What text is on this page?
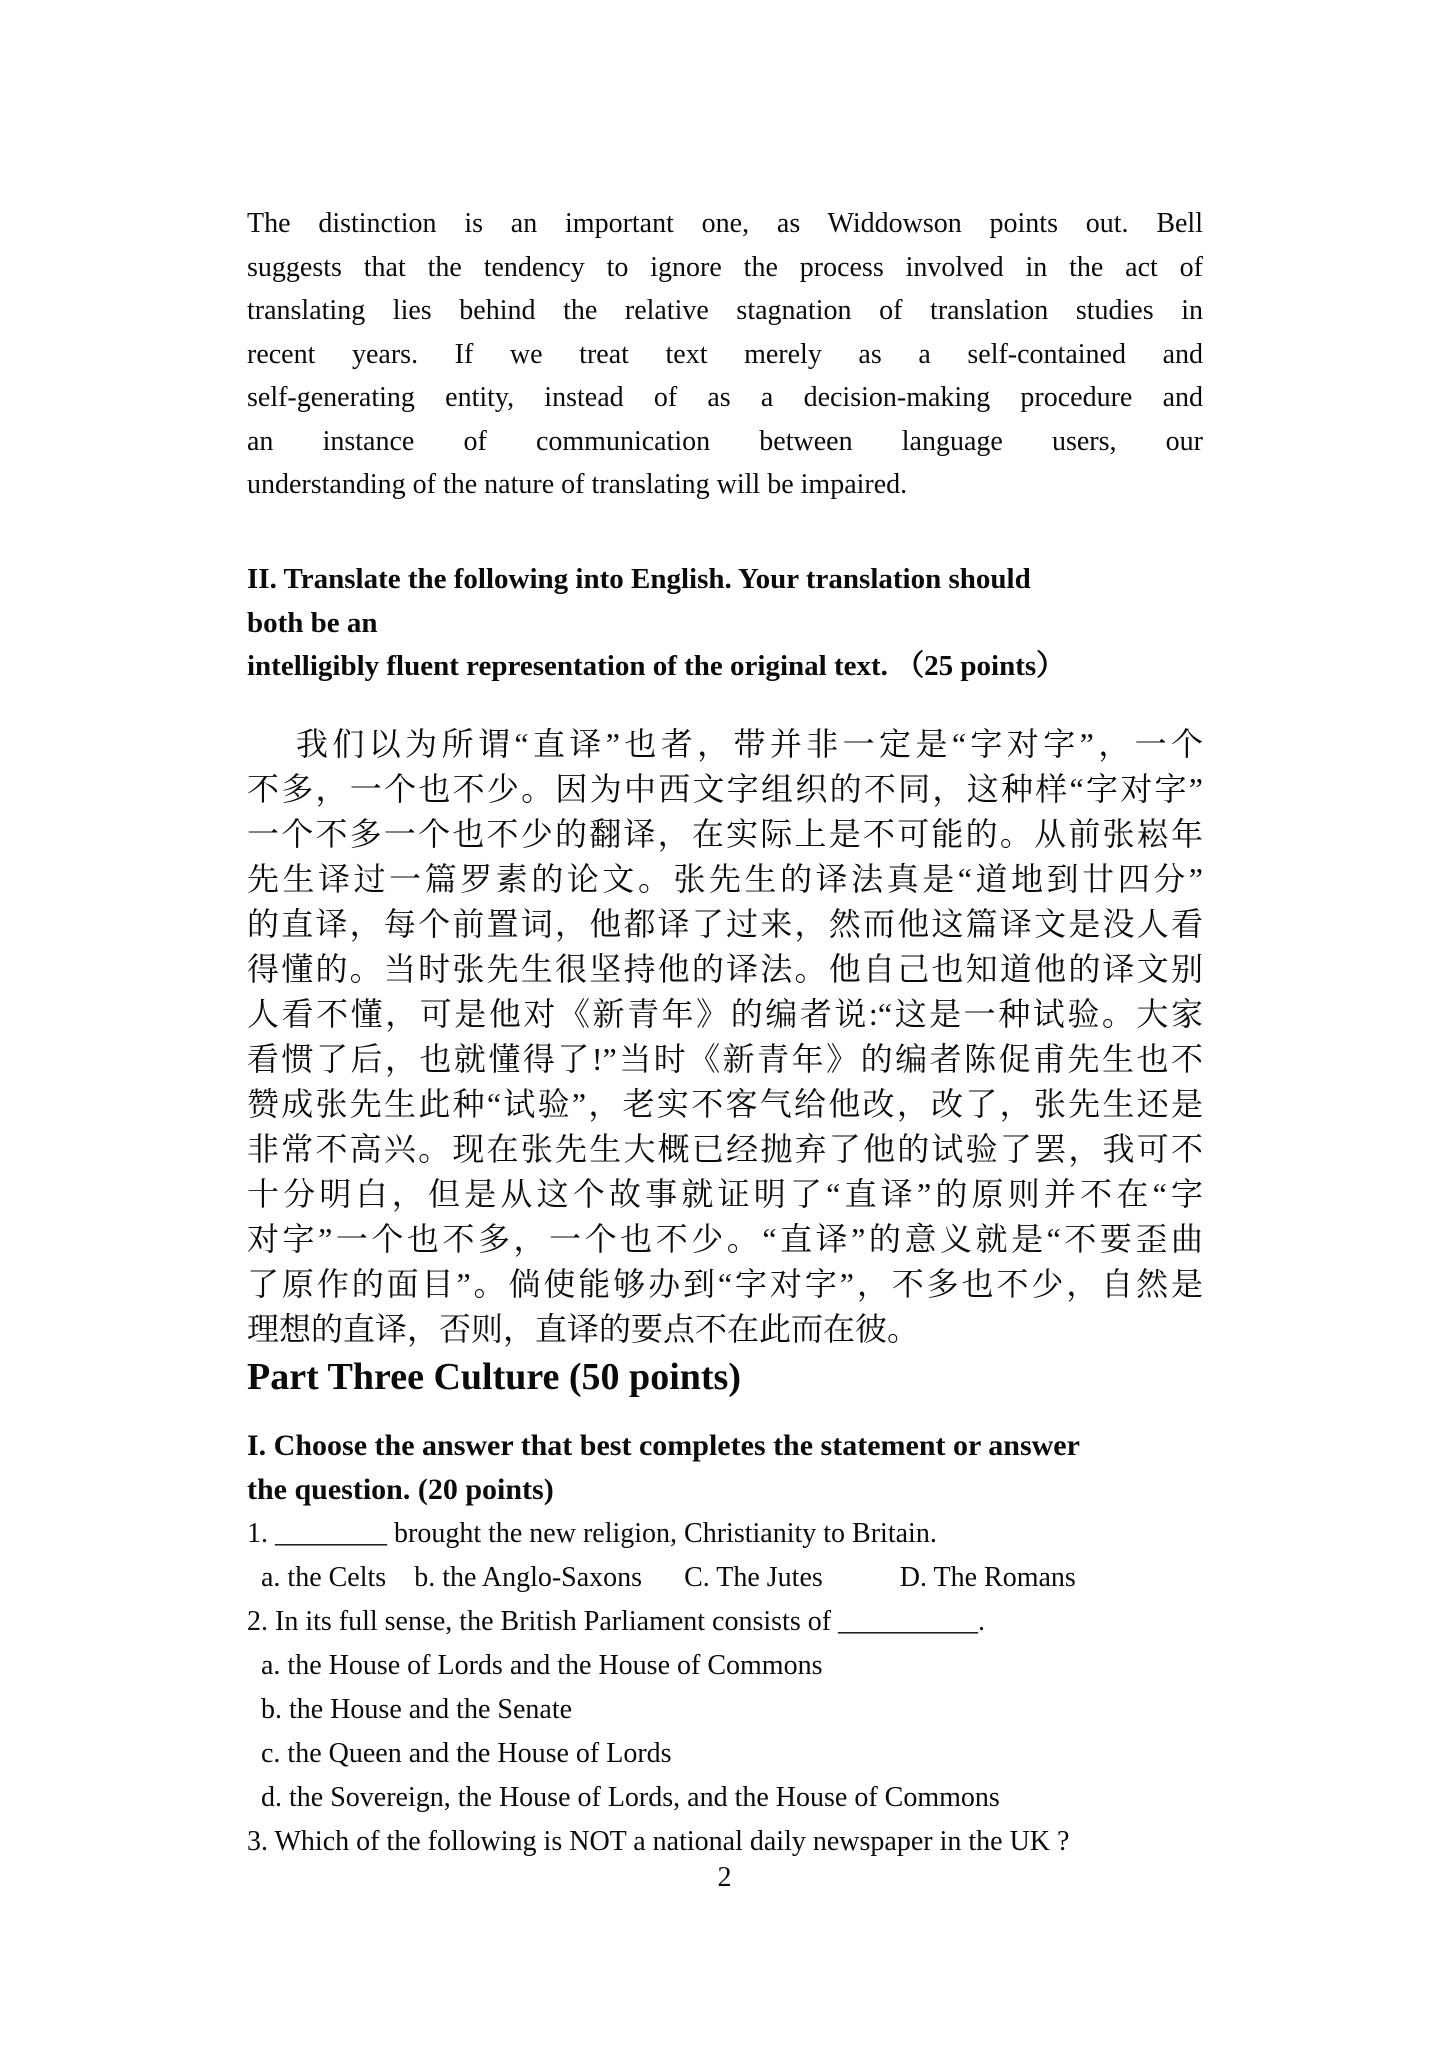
The distinction is an important one, as Widdowson points out. Bell
suggests that the tendency to ignore the process involved in the act of
translating lies behind the relative stagnation of translation studies in
recent years. If we treat text merely as a self-contained and
self-generating entity, instead of as a decision-making procedure and
an instance of communication between language users, our
understanding of the nature of translating will be impaired.
II. Translate the following into English. Your translation should
both be an
intelligibly fluent representation of the original text. （25 points）
我们以为所谓“直译”也者，带并非一定是“字对字”，一个
不多，一个也不少。因为中西文字组织的不同，这种样“字对字”
一个不多一个也不少的翻译，在实际上是不可能的。从前张崧年
先生译过一篇罗素的论文。张先生的译法真是“道地到廿四分”
的直译，每个前置词，他都译了过来，然而他这篇译文是没人看
得懂的。当时张先生很坚持他的译法。他自己也知道他的译文别
人看不懂，可是他对《新青年》的编者说:“这是一种试验。大家
看惯了后，也就懂得了!”当时《新青年》的编者陈促甫先生也不
赞成张先生此种“试验”，老实不客气给他改，改了，张先生还是
非常不高兴。现在张先生大概已经抛弃了他的试验了罢，我可不
十分明白，但是从这个故事就证明了“直译”的原则并不在“字
对字”一个也不多，一个也不少。“直译”的意义就是“不要歪曲
了原作的面目”。倘使能够办到“字对字”，不多也不少，自然是
理想的直译，否则，直译的要点不在此而在彼。
Part Three Culture (50 points)
I. Choose the answer that best completes the statement or answer
the question. (20 points)
1. ________ brought the new religion, Christianity to Britain.
a. the Celts    b. the Anglo-Saxons      C. The Jutes           D. The Romans
2. In its full sense, the British Parliament consists of __________.
a. the House of Lords and the House of Commons
b. the House and the Senate
c. the Queen and the House of Lords
d. the Sovereign, the House of Lords, and the House of Commons
3. Which of the following is NOT a national daily newspaper in the UK ?
2
